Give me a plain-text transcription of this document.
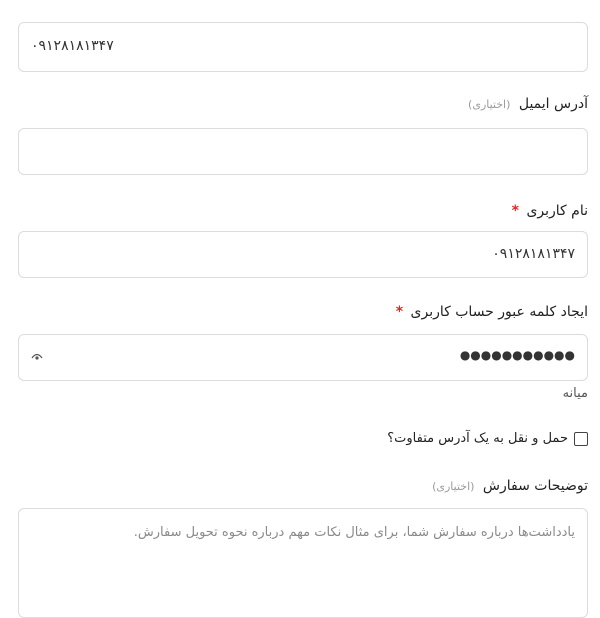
۰۹۱۲۸۱۸۱۳۴۷
آدرس ایمیل (اختیاری)
نام کاربری *
۰۹۱۲۸۱۸۱۳۴۷
ایجاد کلمه عبور حساب کاربری *
●●●●●●●●●●●
میانه
حمل و نقل به یک آدرس متفاوت؟
توضیحات سفارش (اختیاری)
یادداشت‌ها درباره سفارش شما، برای مثال نکات مهم درباره نحوه تحویل سفارش.
